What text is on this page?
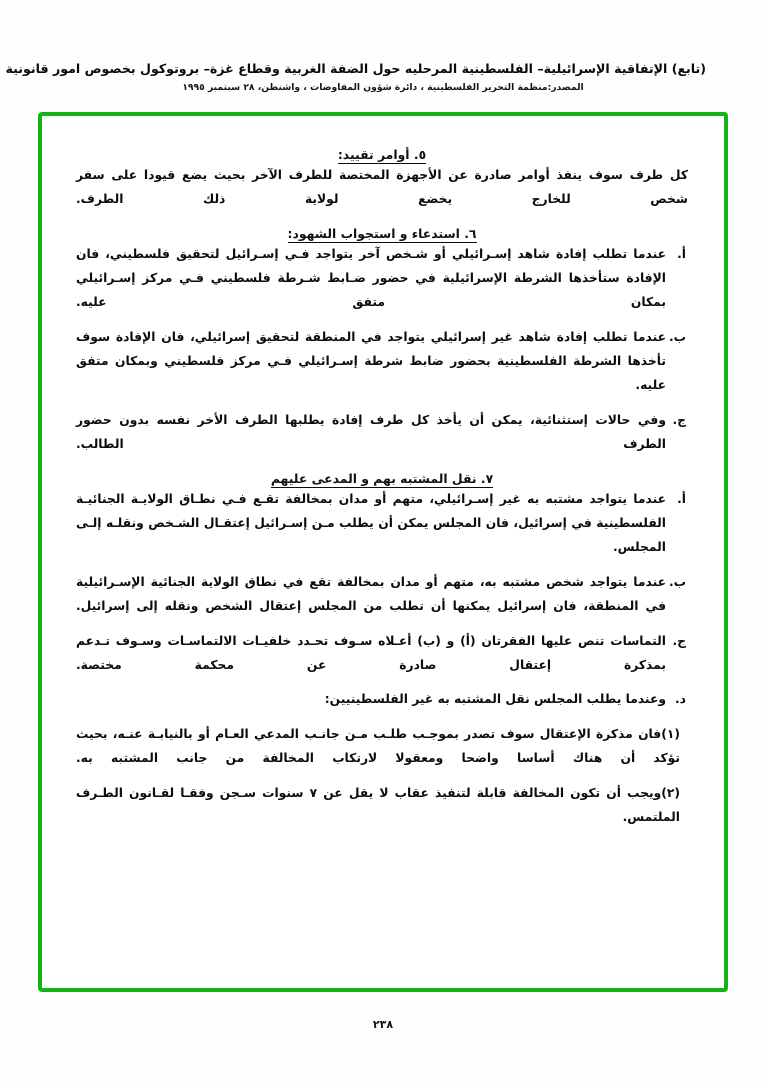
(تابع) الإتفاقية الإسرائيلية– الفلسطينية المرحليه حول الضفة الغربية وقطاع غزة– بروتوكول بخصوص امور قانونية
المصدر:منظمة التحرير الفلسطينية ، دائرة شؤون المفاوضات ، واشنطن، ٢٨ سبتمبر ١٩٩٥
٥. أوامر تقييد:

كل طرف سوف ينفذ أوامر صادرة عن الأجهزة المختصة للطرف الآخر بحيث يضع قيودا على سفر شخص للخارج يخضع لولاية ذلك الطرف.

٦. استدعاء و استجواب الشهود:

أ.عندما تطلب إفادة شاهد إسـرائيلي أو شـخص آخر يتواجد فـي إسـرائيل لتحقيق فلسطيني، فان الإفادة ستأخذها الشرطة الإسرائيلية في حضور ضـابط شـرطة فلسطيني فـي مركز إسـرائيلي بمكان متفق عليه.

ب.عندما تطلب إفادة شاهد غير إسرائيلي يتواجد في المنطقة لتحقيق إسرائيلي، فان الإفادة سوف تأخذها الشرطة الفلسطينية بحضور ضابط شرطة إسـرائيلي فـي مركز فلسطيني وبمكان متفق عليه.

ج.وفي حالات إستثنائية، يمكن أن يأخذ كل طرف إفادة يطلبها الطرف الأخر نفسه بدون حضور الطرف الطالب.

٧. نقل المشتبه بهم و المدعى عليهم

أ.عندما يتواجد مشتبه به غير إسـرائيلي، متهم أو مدان بمخالفة تقـع فـي نطـاق الولايـة الجنائيـة الفلسطينية في إسرائيل، فان المجلس يمكن أن يطلب مـن إسـرائيل إعتقـال الشـخص ونقلـه إلـى المجلس.

ب.عندما يتواجد شخص مشتبه به، متهم أو مدان بمخالفة تقع في نطاق الولاية الجنائية الإسـرائيلية في المنطقة، فان إسرائيل يمكنها أن تطلب من المجلس إعتقال الشخص ونقله إلى إسرائيل.

ج.التماسات تنص عليها الفقرتان (أ) و (ب) أعـلاه سـوف تحـدد خلفيـات الالتماسـات وسـوف تـدعم بمذكرة إعتقال صادرة عن محكمة مختصة.

د.وعندما يطلب المجلس نقل المشتبه به غير الفلسطينيين:

(١)فان مذكرة الإعتقال سوف تصدر بموجـب طلـب مـن جانـب المدعي العـام أو بالنيابـة عنـه، بحيث تؤكد أن هناك أساسا واضحا ومعقولا لارتكاب المخالفة من جانب المشتبه به.

(٢)ويجب أن تكون المخالفة قابلة لتنفيذ عقاب لا يقل عن ٧ سنوات سـجن وفقـا لقـانون الطـرف الملتمس.

٢٣٨
